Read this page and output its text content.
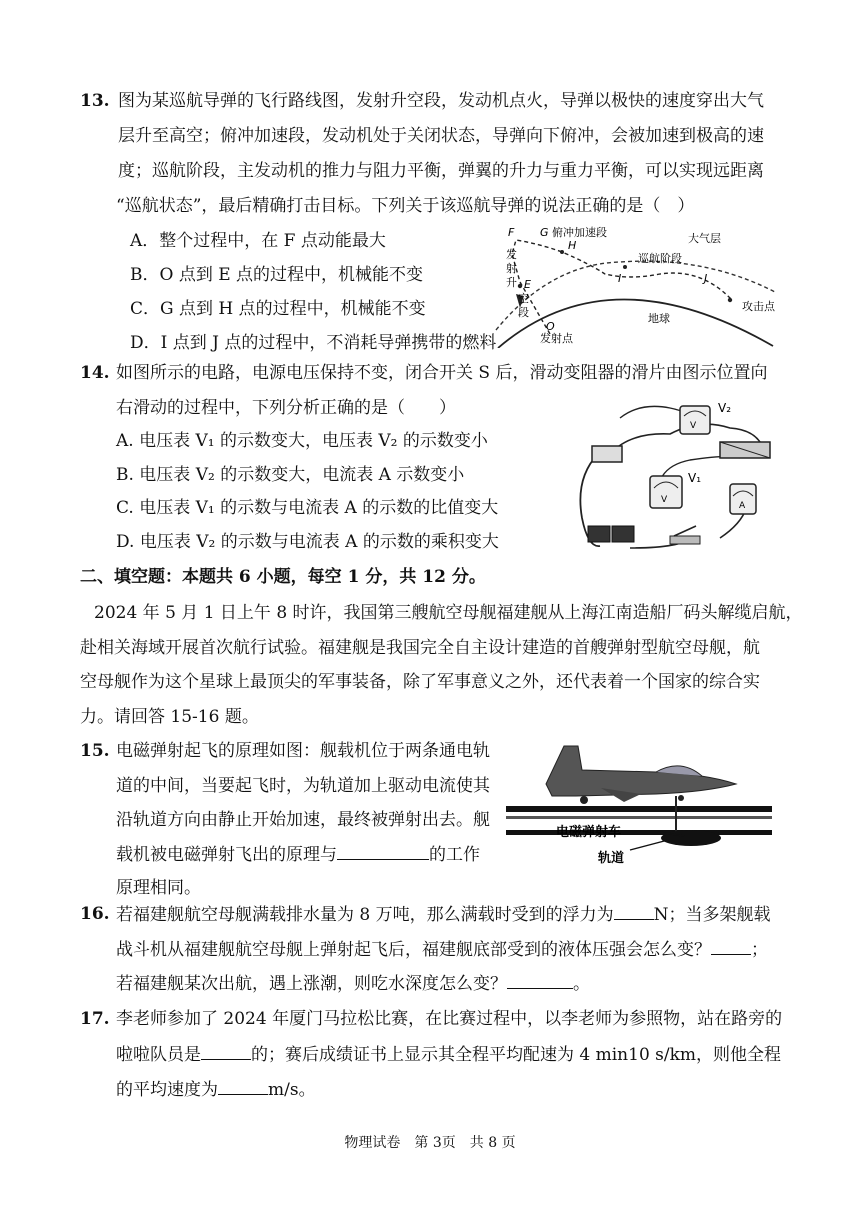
13. 图为某巡航导弹的飞行路线图，发射升空段，发动机点火，导弹以极快的速度穿出大气
层升至高空；俯冲加速段，发动机处于关闭状态，导弹向下俯冲，会被加速到极高的速
度；巡航阶段，主发动机的推力与阻力平衡，弹翼的升力与重力平衡，可以实现远距离
“巡航状态”，最后精确打击目标。下列关于该巡航导弹的说法正确的是（　）
A．整个过程中，在 F 点动能最大
B．O 点到 E 点的过程中，机械能不变
C．G 点到 H 点的过程中，机械能不变
D．I 点到 J 点的过程中，不消耗导弹携带的燃料
F G 俯冲加速段
H
大气层
巡航阶段
I	J
发
射
升 E
空
段
O
发射点
地球
攻击点
14. 如图所示的电路，电源电压保持不变，闭合开关 S 后，滑动变阻器的滑片由图示位置向
右滑动的过程中，下列分析正确的是（　　）
A. 电压表 V₁ 的示数变大，电压表 V₂ 的示数变小
B. 电压表 V₂ 的示数变大，电流表 A 示数变小
C. 电压表 V₁ 的示数与电流表 A 的示数的比值变大
D. 电压表 V₂ 的示数与电流表 A 的示数的乘积变大
V
V₂
V
V₁
A
二、填空题：本题共 6 小题，每空 1 分，共 12 分。
2024 年 5 月 1 日上午 8 时许，我国第三艘航空母舰福建舰从上海江南造船厂码头解缆启航，
赴相关海域开展首次航行试验。福建舰是我国完全自主设计建造的首艘弹射型航空母舰，航
空母舰作为这个星球上最顶尖的军事装备，除了军事意义之外，还代表着一个国家的综合实
力。请回答 15-16 题。
15. 电磁弹射起飞的原理如图：舰载机位于两条通电轨
道的中间，当要起飞时，为轨道加上驱动电流使其
沿轨道方向由静止开始加速，最终被弹射出去。舰
载机被电磁弹射飞出的原理与	的工作
原理相同。
电磁弹射车
轨道
16. 若福建舰航空母舰满载排水量为 8 万吨，那么满载时受到的浮力为 N；当多架舰载
战斗机从福建舰航空母舰上弹射起飞后，福建舰底部受到的液体压强会怎么变？ ；
若福建舰某次出航，遇上涨潮，则吃水深度怎么变？	。
17. 李老师参加了 2024 年厦门马拉松比赛，在比赛过程中，以李老师为参照物，站在路旁的
啦啦队员是	的；赛后成绩证书上显示其全程平均配速为 4 min10 s/km，则他全程
的平均速度为	m/s。
物理试卷　第 3页　共 8 页
